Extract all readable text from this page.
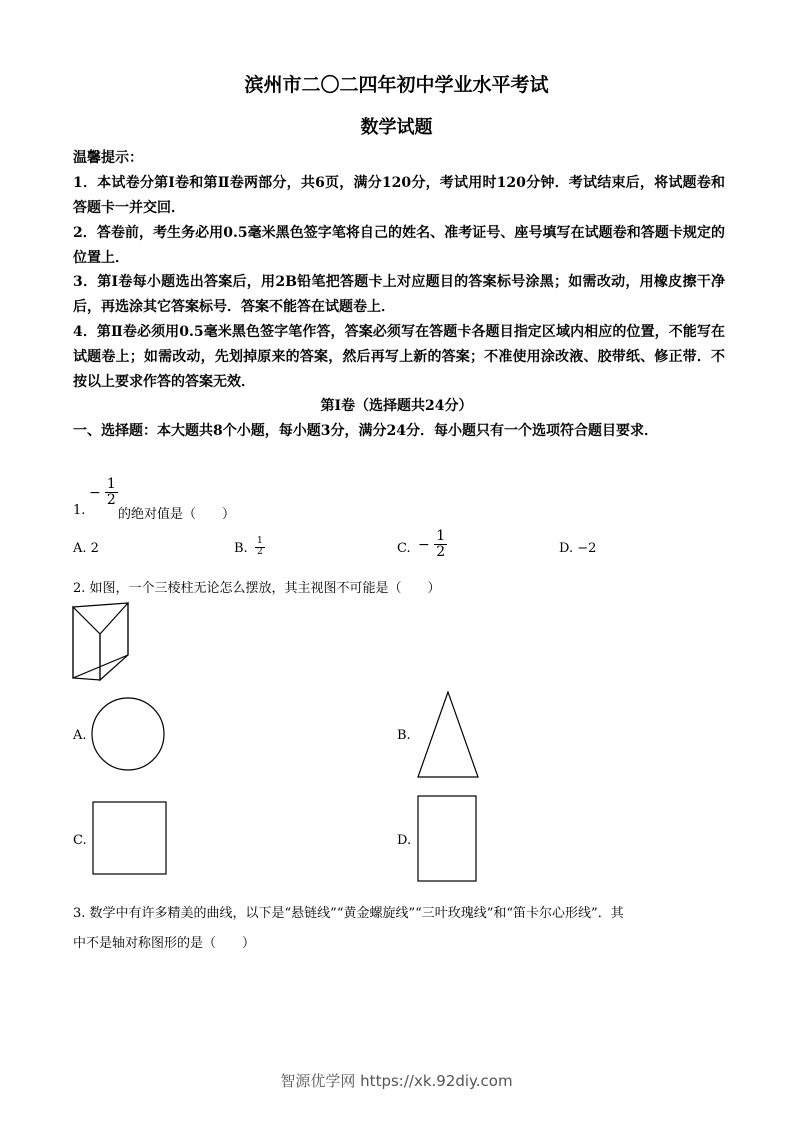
滨州市二〇二四年初中学业水平考试
数学试题
温馨提示：
1．本试卷分第Ⅰ卷和第Ⅱ卷两部分，共6页，满分120分，考试用时120分钟．考试结束后，将试题卷和答题卡一并交回．
2．答卷前，考生务必用0.5毫米黑色签字笔将自己的姓名、准考证号、座号填写在试题卷和答题卡规定的位置上．
3．第Ⅰ卷每小题选出答案后，用2B铅笔把答题卡上对应题目的答案标号涂黑；如需改动，用橡皮擦干净后，再选涂其它答案标号．答案不能答在试题卷上．
4．第Ⅱ卷必须用0.5毫米黑色签字笔作答，答案必须写在答题卡各题目指定区域内相应的位置，不能写在试题卷上；如需改动，先划掉原来的答案，然后再写上新的答案；不准使用涂改液、胶带纸、修正带．不按以上要求作答的答案无效．
第Ⅰ卷（选择题共24分）
一、选择题：本大题共8个小题，每小题3分，满分24分．每小题只有一个选项符合题目要求．
− $\frac{1}{2}$
1.	的绝对值是（　　）
A. 2	B. $\frac{1}{2}$	C. − $\frac{1}{2}$	D. −2
2. 如图，一个三棱柱无论怎么摆放，其主视图不可能是（　　）
A.	B.
C.	D.
3. 数学中有许多精美的曲线，以下是“悬链线”“黄金螺旋线”“三叶玫瑰线”和“笛卡尔心形线”．其
中不是轴对称图形的是（　　）
智源优学网 https://xk.92diy.com
